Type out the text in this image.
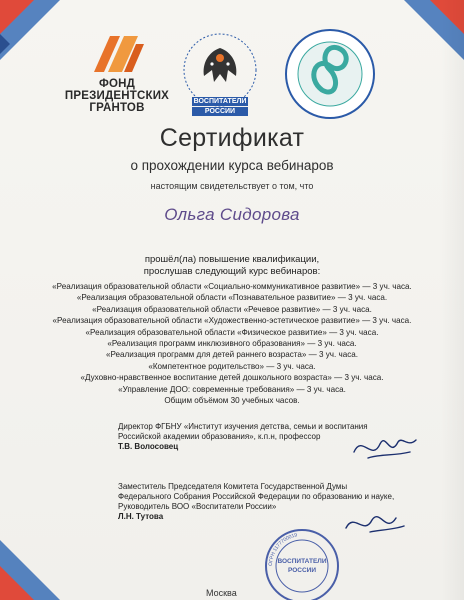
ФОНД
ПРЕЗИДЕНТСКИХ
ГРАНТОВ
ВОСПИТАТЕЛИ
РОССИИ
Сертификат
о прохождении курса вебинаров
настоящим свидетельствует о том, что
Ольга Сидорова
прошёл(ла) повышение квалификации,
прослушав следующий курс вебинаров:
«Реализация образовательной области «Социально-коммуникативное развитие» — 3 уч. часа.
«Реализация образовательной области «Познавательное развитие» — 3 уч. часа.
«Реализация образовательной области «Речевое развитие» — 3 уч. часа.
«Реализация образовательной области «Художественно-эстетическое развитие» — 3 уч. часа.
«Реализация образовательной области «Физическое развитие» — 3 уч. часа.
«Реализация программ инклюзивного образования» — 3 уч. часа.
«Реализация программ для детей раннего возраста» — 3 уч. часа.
«Компетентное родительство» — 3 уч. часа.
«Духовно-нравственное воспитание детей дошкольного возраста» — 3 уч. часа.
«Управление ДОО: современные требования» — 3 уч. часа.
Общим объёмом 30 учебных часов.
Директор ФГБНУ «Институт изучения детства, семьи и воспитания
Российской академии образования», к.п.н, профессор
Т.В. Волосовец
Заместитель Председателя Комитета Государственной Думы
Федерального Собрания Российской Федерации по образованию и науке,
Руководитель ВОО «Воспитатели России»
Л.Н. Тутова
ВОСПИТАТЕЛИ
РОССИИ
ОГРН 1177700019
Москва
